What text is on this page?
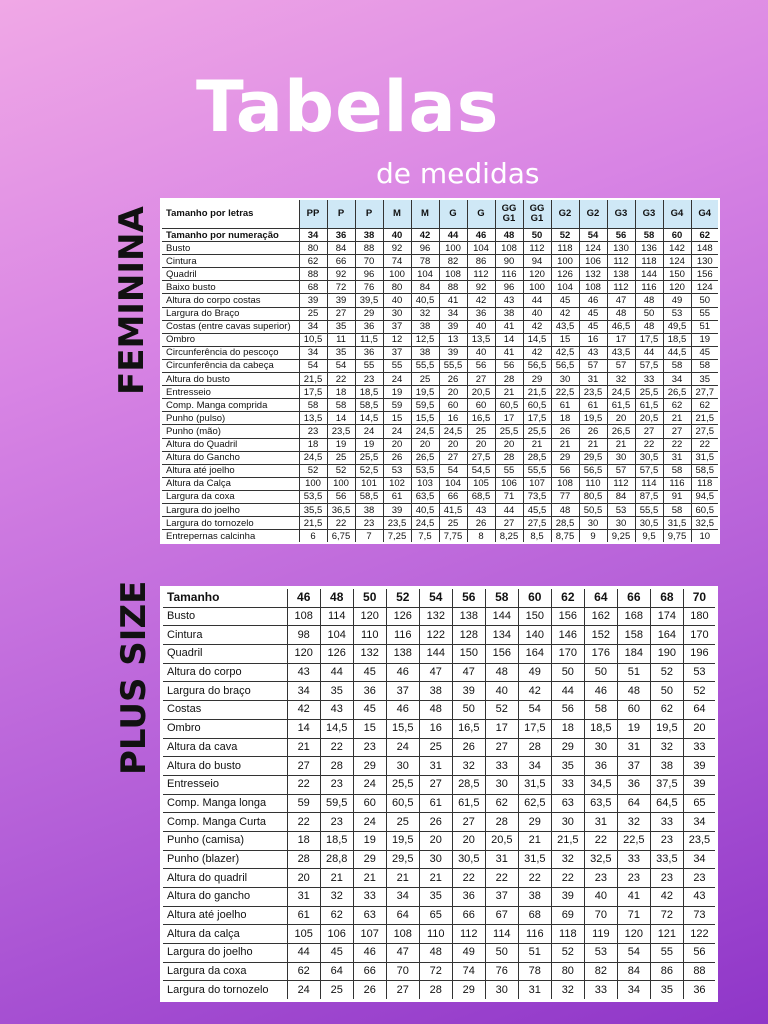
Tabelas
de medidas
FEMININA
PLUS SIZE
Tamanho por letras	PP	P	P	M	M	G	G	GG G1	GG G1	G2	G2	G3	G3	G4	G4
Tamanho por numeração	34	36	38	40	42	44	46	48	50	52	54	56	58	60	62
Busto	80	84	88	92	96	100	104	108	112	118	124	130	136	142	148
Cintura	62	66	70	74	78	82	86	90	94	100	106	112	118	124	130
Quadril	88	92	96	100	104	108	112	116	120	126	132	138	144	150	156
Baixo busto	68	72	76	80	84	88	92	96	100	104	108	112	116	120	124
Altura do corpo costas	39	39	39,5	40	40,5	41	42	43	44	45	46	47	48	49	50
Largura do Braço	25	27	29	30	32	34	36	38	40	42	45	48	50	53	55
Costas (entre cavas superior)	34	35	36	37	38	39	40	41	42	43,5	45	46,5	48	49,5	51
Ombro	10,5	11	11,5	12	12,5	13	13,5	14	14,5	15	16	17	17,5	18,5	19
Circunferência do pescoço	34	35	36	37	38	39	40	41	42	42,5	43	43,5	44	44,5	45
Circunferência da cabeça	54	54	55	55	55,5	55,5	56	56	56,5	56,5	57	57	57,5	58	58
Altura do busto	21,5	22	23	24	25	26	27	28	29	30	31	32	33	34	35
Entresseio	17,5	18	18,5	19	19,5	20	20,5	21	21,5	22,5	23,5	24,5	25,5	26,5	27,7
Comp. Manga comprida	58	58	58,5	59	59,5	60	60	60,5	60,5	61	61	61,5	61,5	62	62
Punho (pulso)	13,5	14	14,5	15	15,5	16	16,5	17	17,5	18	19,5	20	20,5	21	21,5
Punho (mão)	23	23,5	24	24	24,5	24,5	25	25,5	25,5	26	26	26,5	27	27	27,5
Altura do Quadril	18	19	19	20	20	20	20	20	21	21	21	21	22	22	22
Altura do Gancho	24,5	25	25,5	26	26,5	27	27,5	28	28,5	29	29,5	30	30,5	31	31,5
Altura até joelho	52	52	52,5	53	53,5	54	54,5	55	55,5	56	56,5	57	57,5	58	58,5
Altura da Calça	100	100	101	102	103	104	105	106	107	108	110	112	114	116	118
Largura da coxa	53,5	56	58,5	61	63,5	66	68,5	71	73,5	77	80,5	84	87,5	91	94,5
Largura do joelho	35,5	36,5	38	39	40,5	41,5	43	44	45,5	48	50,5	53	55,5	58	60,5
Largura do tornozelo	21,5	22	23	23,5	24,5	25	26	27	27,5	28,5	30	30	30,5	31,5	32,5
Entrepernas calcinha	6	6,75	7	7,25	7,5	7,75	8	8,25	8,5	8,75	9	9,25	9,5	9,75	10
Tamanho	46	48	50	52	54	56	58	60	62	64	66	68	70
Busto	108	114	120	126	132	138	144	150	156	162	168	174	180
Cintura	98	104	110	116	122	128	134	140	146	152	158	164	170
Quadril	120	126	132	138	144	150	156	164	170	176	184	190	196
Altura do corpo	43	44	45	46	47	47	48	49	50	50	51	52	53
Largura do braço	34	35	36	37	38	39	40	42	44	46	48	50	52
Costas	42	43	45	46	48	50	52	54	56	58	60	62	64
Ombro	14	14,5	15	15,5	16	16,5	17	17,5	18	18,5	19	19,5	20
Altura da cava	21	22	23	24	25	26	27	28	29	30	31	32	33
Altura do busto	27	28	29	30	31	32	33	34	35	36	37	38	39
Entresseio	22	23	24	25,5	27	28,5	30	31,5	33	34,5	36	37,5	39
Comp. Manga longa	59	59,5	60	60,5	61	61,5	62	62,5	63	63,5	64	64,5	65
Comp. Manga Curta	22	23	24	25	26	27	28	29	30	31	32	33	34
Punho (camisa)	18	18,5	19	19,5	20	20	20,5	21	21,5	22	22,5	23	23,5
Punho (blazer)	28	28,8	29	29,5	30	30,5	31	31,5	32	32,5	33	33,5	34
Altura do quadril	20	21	21	21	21	22	22	22	22	23	23	23	23
Altura do gancho	31	32	33	34	35	36	37	38	39	40	41	42	43
Altura até joelho	61	62	63	64	65	66	67	68	69	70	71	72	73
Altura da calça	105	106	107	108	110	112	114	116	118	119	120	121	122
Largura do joelho	44	45	46	47	48	49	50	51	52	53	54	55	56
Largura da coxa	62	64	66	70	72	74	76	78	80	82	84	86	88
Largura do tornozelo	24	25	26	27	28	29	30	31	32	33	34	35	36
